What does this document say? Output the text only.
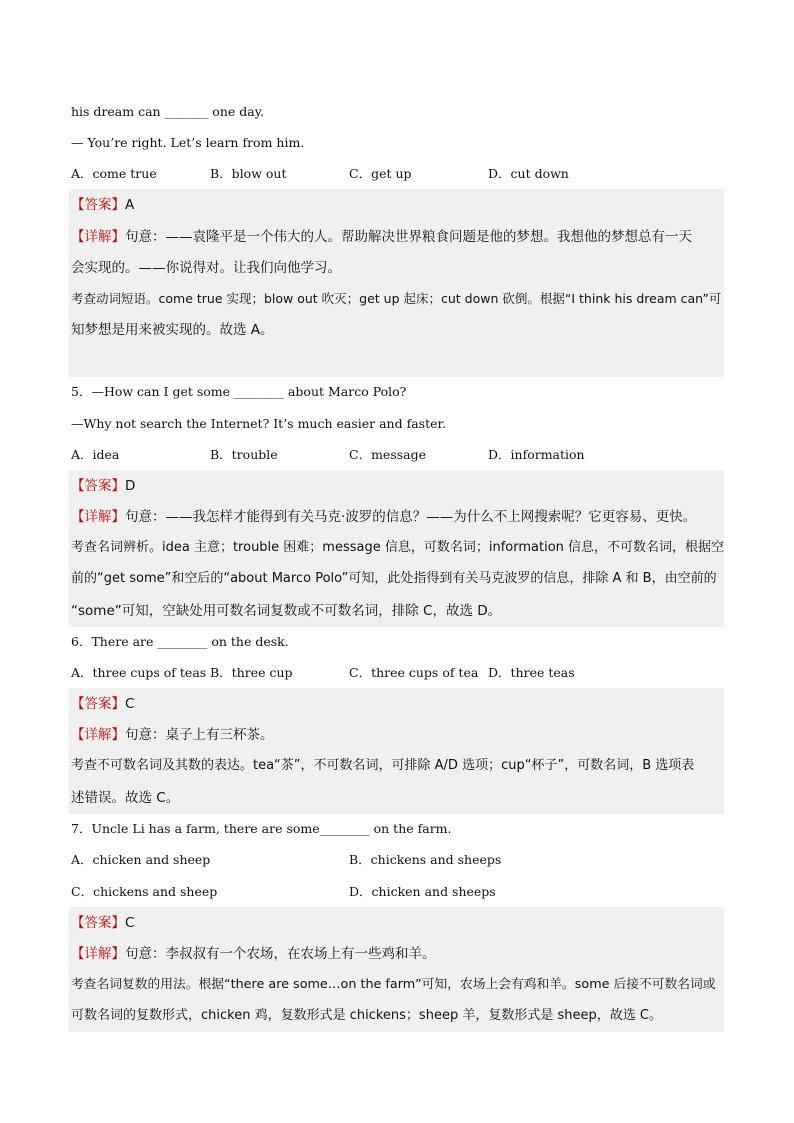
his dream can _______ one day.
— You’re right. Let’s learn from him.
A．come true	B．blow out	C．get up	D．cut down
【答案】A
【详解】句意：——袁隆平是一个伟大的人。帮助解决世界粮食问题是他的梦想。我想他的梦想总有一天
会实现的。——你说得对。让我们向他学习。
考查动词短语。come true 实现；blow out 吹灭；get up 起床；cut down 砍倒。根据“I think his dream can”可
知梦想是用来被实现的。故选 A。
5．—How can I get some ________ about Marco Polo?
—Why not search the Internet? It’s much easier and faster.
A．idea	B．trouble	C．message	D．information
【答案】D
【详解】句意：——我怎样才能得到有关马克·波罗的信息？——为什么不上网搜索呢？它更容易、更快。
考查名词辨析。idea 主意；trouble 困难；message 信息，可数名词；information 信息，不可数名词，根据空
前的“get some”和空后的“about Marco Polo”可知，此处指得到有关马克波罗的信息，排除 A 和 B，由空前的
“some”可知，空缺处用可数名词复数或不可数名词，排除 C，故选 D。
6．There are ________ on the desk.
A．three cups of teas B．three cup	C．three cups of tea D．three teas
【答案】C
【详解】句意：桌子上有三杯茶。
考查不可数名词及其数的表达。tea“茶”，不可数名词，可排除 A/D 选项；cup“杯子”，可数名词，B 选项表
述错误。故选 C。
7．Uncle Li has a farm, there are some________ on the farm.
A．chicken and sheep	B．chickens and sheeps
C．chickens and sheep	D．chicken and sheeps
【答案】C
【详解】句意：李叔叔有一个农场，在农场上有一些鸡和羊。
考查名词复数的用法。根据“there are some…on the farm”可知，农场上会有鸡和羊。some 后接不可数名词或
可数名词的复数形式，chicken 鸡，复数形式是 chickens；sheep 羊，复数形式是 sheep，故选 C。
